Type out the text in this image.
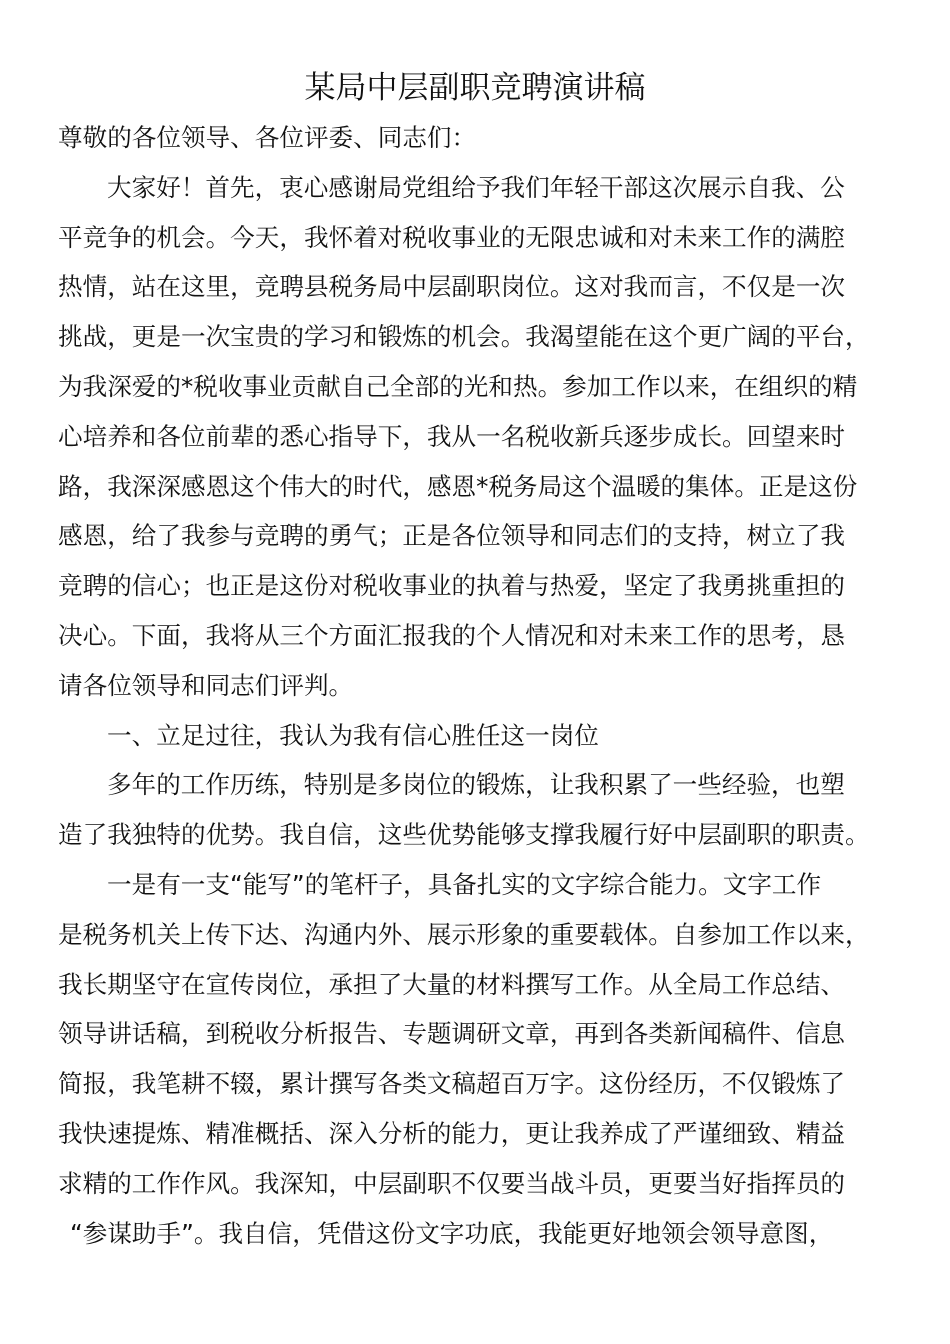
某局中层副职竞聘演讲稿
尊敬的各位领导、各位评委、同志们：
大家好！首先，衷心感谢局党组给予我们年轻干部这次展示自我、公
平竞争的机会。今天，我怀着对税收事业的无限忠诚和对未来工作的满腔
热情，站在这里，竞聘县税务局中层副职岗位。这对我而言，不仅是一次
挑战，更是一次宝贵的学习和锻炼的机会。我渴望能在这个更广阔的平台，
为我深爱的*税收事业贡献自己全部的光和热。参加工作以来，在组织的精
心培养和各位前辈的悉心指导下，我从一名税收新兵逐步成长。回望来时
路，我深深感恩这个伟大的时代，感恩*税务局这个温暖的集体。正是这份
感恩，给了我参与竞聘的勇气；正是各位领导和同志们的支持，树立了我
竞聘的信心；也正是这份对税收事业的执着与热爱，坚定了我勇挑重担的
决心。下面，我将从三个方面汇报我的个人情况和对未来工作的思考，恳
请各位领导和同志们评判。
一、立足过往，我认为我有信心胜任这一岗位
多年的工作历练，特别是多岗位的锻炼，让我积累了一些经验，也塑
造了我独特的优势。我自信，这些优势能够支撑我履行好中层副职的职责。
一是有一支“能写”的笔杆子，具备扎实的文字综合能力。文字工作
是税务机关上传下达、沟通内外、展示形象的重要载体。自参加工作以来，
我长期坚守在宣传岗位，承担了大量的材料撰写工作。从全局工作总结、
领导讲话稿，到税收分析报告、专题调研文章，再到各类新闻稿件、信息
简报，我笔耕不辍，累计撰写各类文稿超百万字。这份经历，不仅锻炼了
我快速提炼、精准概括、深入分析的能力，更让我养成了严谨细致、精益
求精的工作作风。我深知，中层副职不仅要当战斗员，更要当好指挥员的
“参谋助手”。我自信，凭借这份文字功底，我能更好地领会领导意图，
